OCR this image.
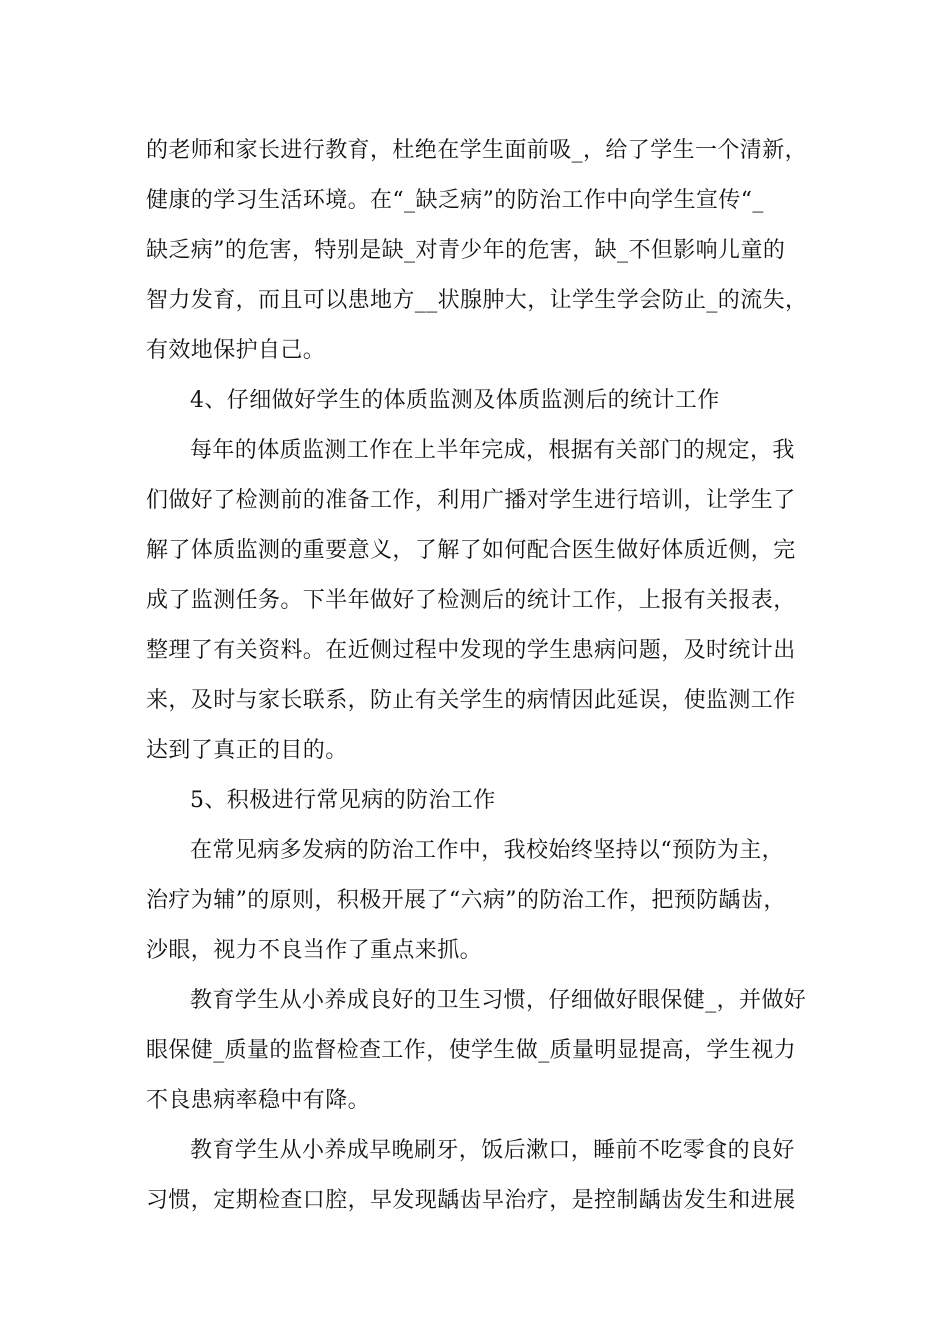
的老师和家长进行教育，杜绝在学生面前吸_，给了学生一个清新，
健康的学习生活环境。在“_缺乏病”的防治工作中向学生宣传“_
缺乏病”的危害，特别是缺_对青少年的危害，缺_不但影响儿童的
智力发育，而且可以患地方__状腺肿大，让学生学会防止_的流失，
有效地保护自己。
4、仔细做好学生的体质监测及体质监测后的统计工作
每年的体质监测工作在上半年完成，根据有关部门的规定，我
们做好了检测前的准备工作，利用广播对学生进行培训，让学生了
解了体质监测的重要意义，了解了如何配合医生做好体质近侧，完
成了监测任务。下半年做好了检测后的统计工作，上报有关报表，
整理了有关资料。在近侧过程中发现的学生患病问题，及时统计出
来，及时与家长联系，防止有关学生的病情因此延误，使监测工作
达到了真正的目的。
5、积极进行常见病的防治工作
在常见病多发病的防治工作中，我校始终坚持以“预防为主，
治疗为辅”的原则，积极开展了“六病”的防治工作，把预防龋齿，
沙眼，视力不良当作了重点来抓。
教育学生从小养成良好的卫生习惯，仔细做好眼保健_，并做好
眼保健_质量的监督检查工作，使学生做_质量明显提高，学生视力
不良患病率稳中有降。
教育学生从小养成早晚刷牙，饭后漱口，睡前不吃零食的良好
习惯，定期检查口腔，早发现龋齿早治疗，是控制龋齿发生和进展
